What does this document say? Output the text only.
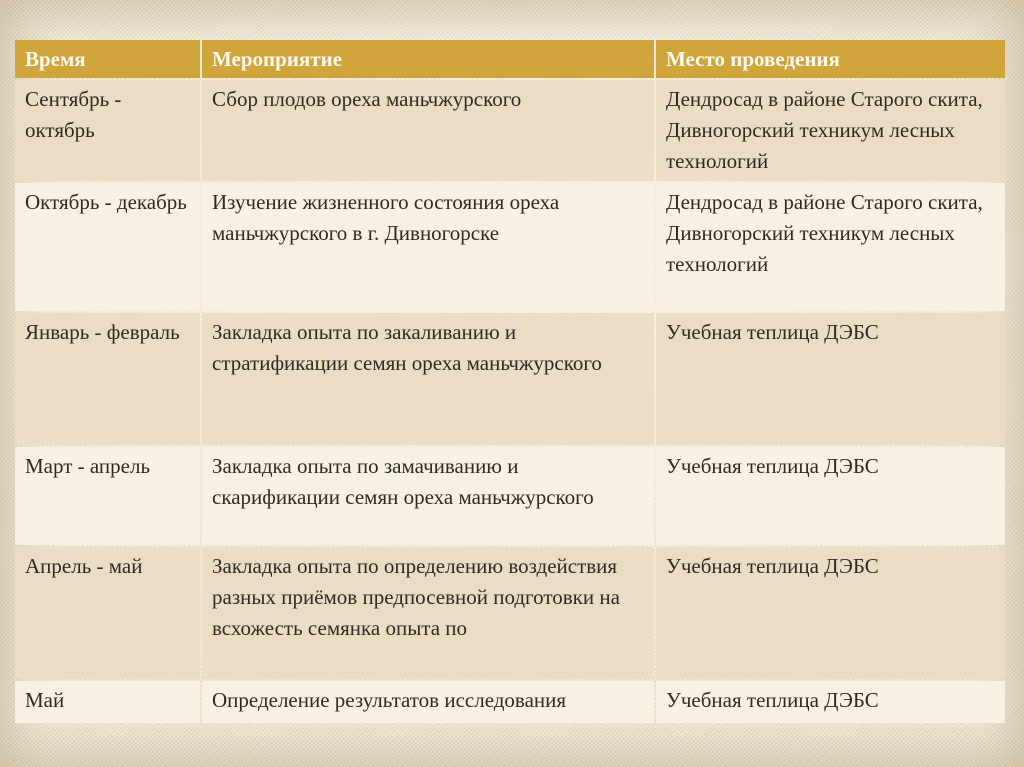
Время	Мероприятие	Место проведения
Сентябрь - октябрь	Сбор плодов ореха маньчжурского	Дендросад в районе Старого скита, Дивногорский техникум лесных технологий
Октябрь - декабрь	Изучение жизненного состояния ореха маньчжурского в г. Дивногорске	Дендросад в районе Старого скита, Дивногорский техникум лесных технологий
Январь - февраль	Закладка опыта по закаливанию и стратификации семян ореха маньчжурского	Учебная теплица ДЭБС
Март - апрель	Закладка опыта по замачиванию и скарификации семян ореха маньчжурского	Учебная теплица ДЭБС
Апрель - май	Закладка опыта по определению воздействия разных приёмов предпосевной подготовки на всхожесть семянка опыта по	Учебная теплица ДЭБС
Май	Определение результатов исследования	Учебная теплица ДЭБС
